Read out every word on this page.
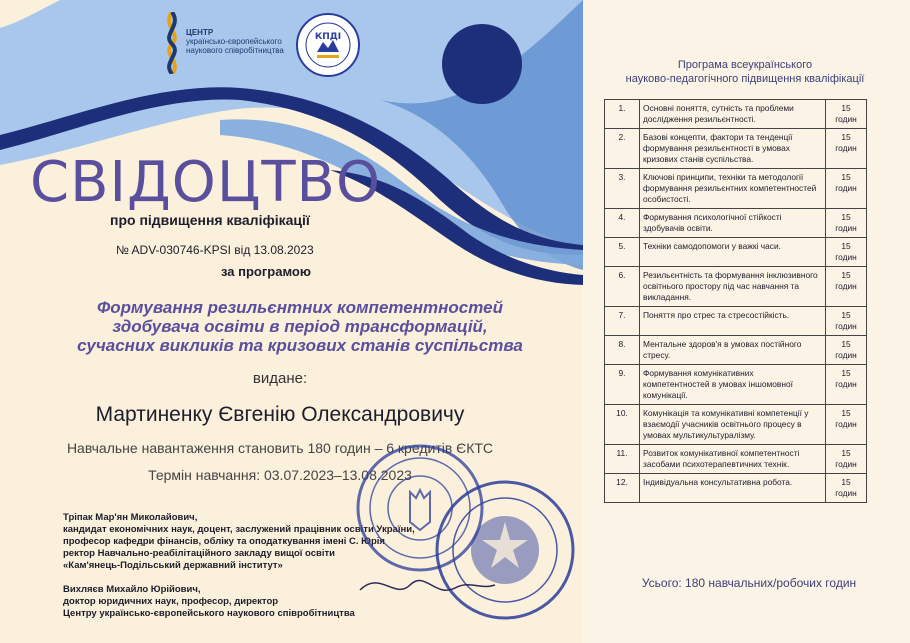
ЦЕНТР
українсько-європейського
наукового співробітництва
КПДІ
СВІДОЦТВО
про підвищення кваліфікації
№ ADV-030746-KPSI від 13.08.2023
за програмою
Формування резильєнтних компетентностей
здобувача освіти в період трансформацій,
сучасних викликів та кризових станів суспільства
видане:
Мартиненку Євгенію Олександровичу
Навчальне навантаження становить 180 годин – 6 кредитів ЄКТС
Термін навчання: 03.07.2023–13.08.2023
Тріпак Мар'ян Миколайович,
кандидат економічних наук, доцент, заслужений працівник освіти України,
професор кафедри фінансів, обліку та оподаткування імені С. Юрія
ректор Навчально-реабілітаційного закладу вищої освіти
«Кам'янець-Подільський державний інститут»
Вихляєв Михайло Юрійович,
доктор юридичних наук, професор, директор
Центру українсько-європейського наукового співробітництва
Програма всеукраїнського
науково-педагогічного підвищення кваліфікації
1.	Основні поняття, сутність та проблеми дослідження резильєнтності.	15
годин
2.	Базові концепти, фактори та тенденції формування резильєнтності в умовах кризових станів суспільства.	15
годин
3.	Ключові принципи, техніки та методології формування резильєнтних компетентностей особистості.	15
годин
4.	Формування психологічної стійкості здобувачів освіти.	15
годин
5.	Техніки самодопомоги у важкі часи.	15
годин
6.	Резильєнтність та формування інклюзивного освітнього простору під час навчання та викладання.	15
годин
7.	Поняття про стрес та стресостійкість.	15
годин
8.	Ментальне здоров'я в умовах постійного стресу.	15
годин
9.	Формування комунікативних компетентностей в умовах іншомовної комунікації.	15
годин
10.	Комунікація та комунікативні компетенції у взаємодії учасників освітнього процесу в умовах мультикультуралізму.	15
годин
11.	Розвиток комунікативної компетентності засобами психотерапевтичних технік.	15
годин
12.	Індивідуальна консультативна робота.	15
годин
Усього: 180 навчальних/робочих годин
